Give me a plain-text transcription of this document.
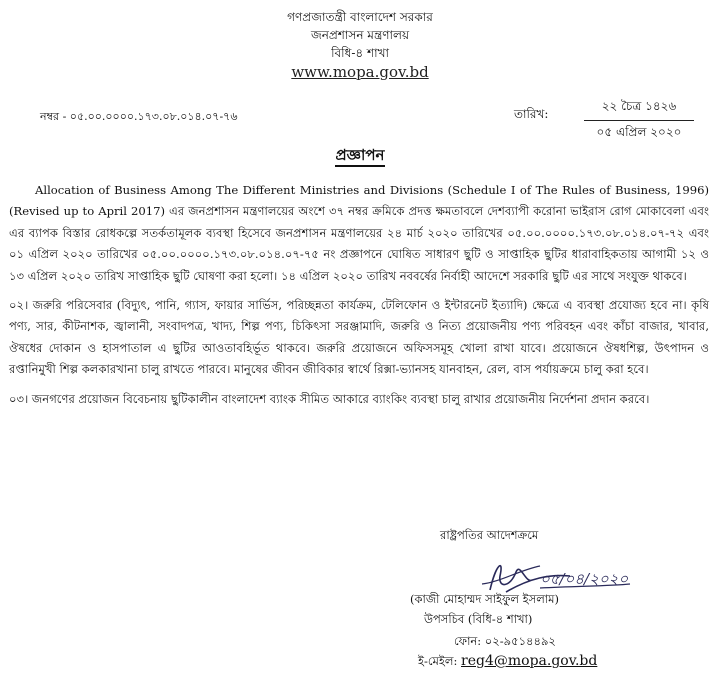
গণপ্রজাতন্ত্রী বাংলাদেশ সরকার
জনপ্রশাসন মন্ত্রণালয়
বিধি-৪ শাখা
www.mopa.gov.bd
নম্বর - ০৫.০০.০০০০.১৭৩.০৮.০১৪.০৭-৭৬	তারিখ:
২২ চৈত্র ১৪২৬
০৫ এপ্রিল ২০২০
প্রজ্ঞাপন

Allocation of Business Among The Different Ministries and Divisions (Schedule I of The Rules of Business, 1996) (Revised up to April 2017) এর জনপ্রশাসন মন্ত্রণালয়ের অংশে ৩৭ নম্বর ক্রমিকে প্রদত্ত ক্ষমতাবলে দেশব্যাপী করোনা ভাইরাস রোগ মোকাবেলা এবং এর ব্যাপক বিস্তার রোধকল্পে সতর্কতামূলক ব্যবস্থা হিসেবে জনপ্রশাসন মন্ত্রণালয়ের ২৪ মার্চ ২০২০ তারিখের ০৫.০০.০০০০.১৭৩.০৮.০১৪.০৭-৭২ এবং ০১ এপ্রিল ২০২০ তারিখের ০৫.০০.০০০০.১৭৩.০৮.০১৪.০৭-৭৫ নং প্রজ্ঞাপনে ঘোষিত সাধারণ ছুটি ও সাপ্তাহিক ছুটির ধারাবাহিকতায় আগামী ১২ ও ১৩ এপ্রিল ২০২০ তারিখ সাপ্তাহিক ছুটি ঘোষণা করা হলো। ১৪ এপ্রিল ২০২০ তারিখ নববর্ষের নির্বাহী আদেশে সরকারি ছুটি এর সাথে সংযুক্ত থাকবে।

০২। জরুরি পরিসেবার (বিদ্যুৎ, পানি, গ্যাস, ফায়ার সার্ভিস, পরিচ্ছন্নতা কার্যক্রম, টেলিফোন ও ইন্টারনেট ইত্যাদি) ক্ষেত্রে এ ব্যবস্থা প্রযোজ্য হবে না। কৃষি পণ্য, সার, কীটনাশক, জ্বালানী, সংবাদপত্র, খাদ্য, শিল্প পণ্য, চিকিৎসা সরঞ্জামাদি, জরুরি ও নিত্য প্রয়োজনীয় পণ্য পরিবহন এবং কাঁচা বাজার, খাবার, ঔষধের দোকান ও হাসপাতাল এ ছুটির আওতাবহির্ভূত থাকবে। জরুরি প্রয়োজনে অফিসসমূহ খোলা রাখা যাবে। প্রয়োজনে ঔষধশিল্প, উৎপাদন ও রপ্তানিমুখী শিল্প কলকারখানা চালু রাখতে পারবে। মানুষের জীবন জীবিকার স্বার্থে রিক্সা-ভ্যানসহ যানবাহন, রেল, বাস পর্যায়ক্রমে চালু করা হবে।

০৩। জনগণের প্রয়োজন বিবেচনায় ছুটিকালীন বাংলাদেশ ব্যাংক সীমিত আকারে ব্যাংকিং ব্যবস্থা চালু রাখার প্রয়োজনীয় নির্দেশনা প্রদান করবে।

রাষ্ট্রপতির আদেশক্রমে
০৫/০৪/২০২০
(কাজী মোহাম্মদ সাইফুল ইসলাম)
উপসচিব (বিধি-৪ শাখা)
ফোন: ০২-৯৫১৪৪৯২
ই-মেইল: reg4@mopa.gov.bd
